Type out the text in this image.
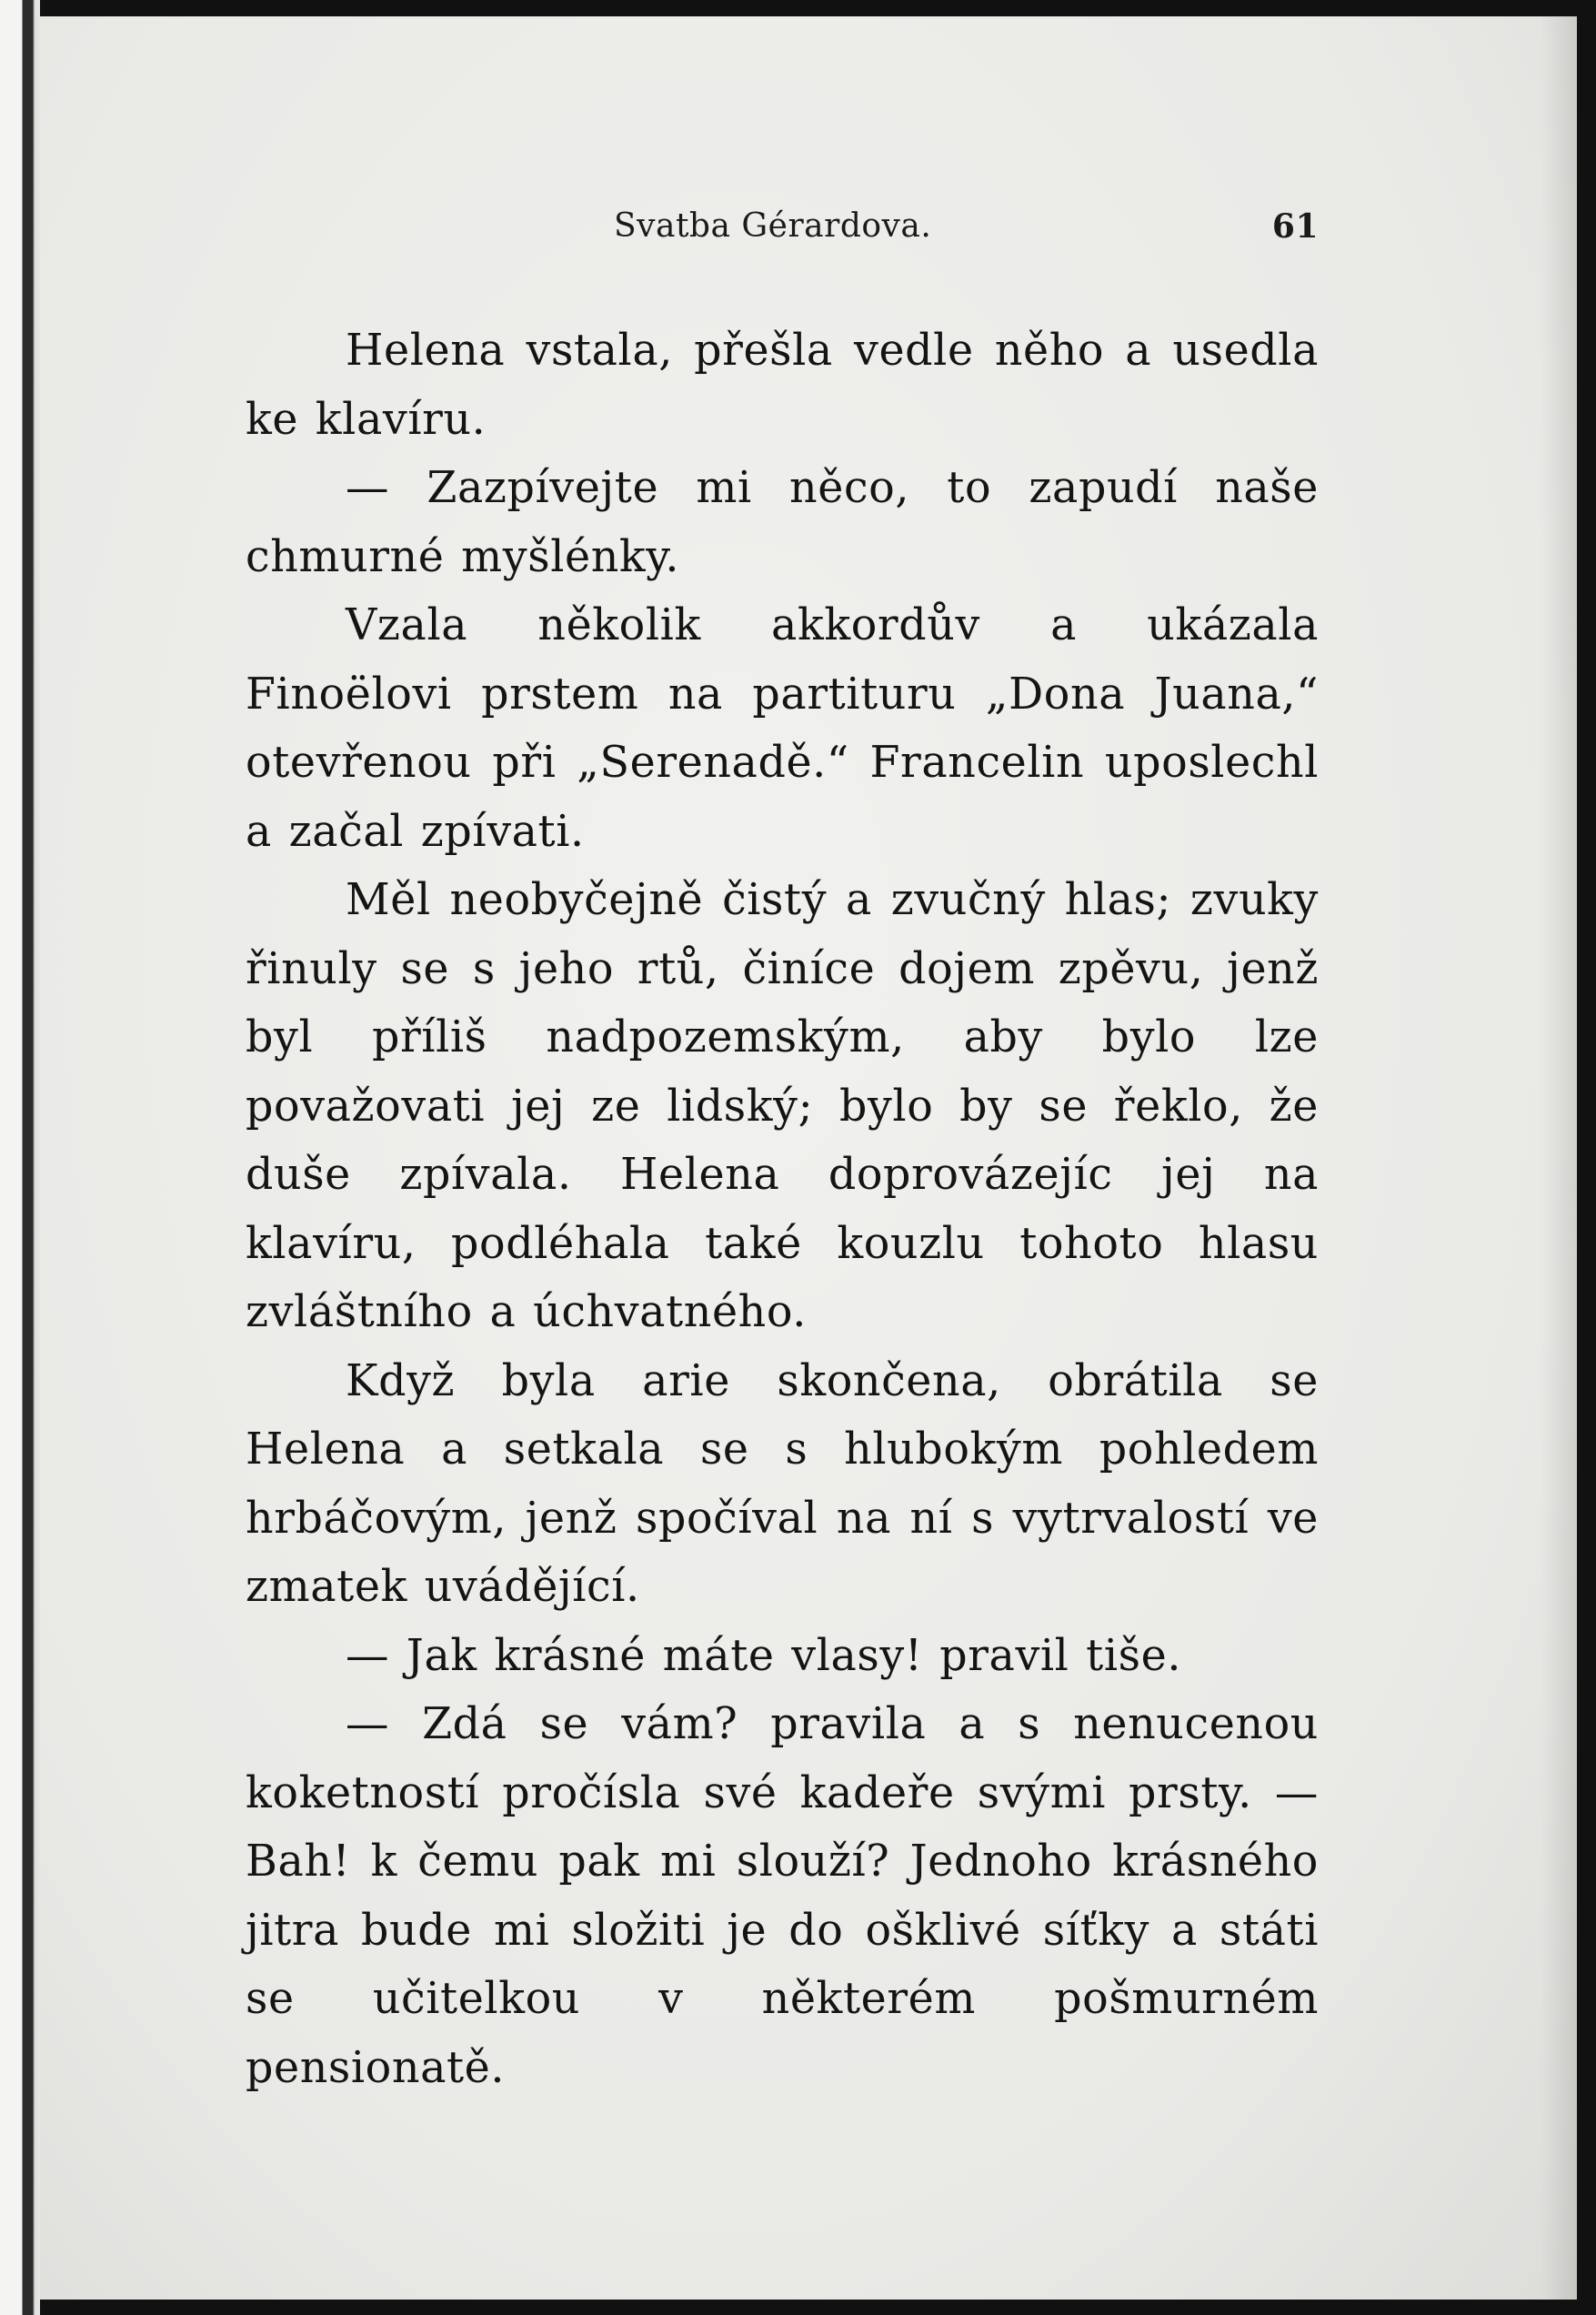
Svatba Gérardova.	61

Helena vstala, přešla vedle něho a usedla ke klavíru.

— Zazpívejte mi něco, to zapudí naše chmurné myšlénky.

Vzala několik akkordův a ukázala Finoëlovi prstem na partituru „Dona Juana,“ otevřenou při „Serenadě.“ Francelin uposlechl a začal zpívati.

Měl neobyčejně čistý a zvučný hlas; zvuky řinuly se s jeho rtů, činíce dojem zpěvu, jenž byl příliš nadpozemským, aby bylo lze považovati jej ze lidský; bylo by se řeklo, že duše zpívala. Helena doprovázejíc jej na klavíru, podléhala také kouzlu tohoto hlasu zvláštního a úchvatného.

Když byla arie skončena, obrátila se Helena a setkala se s hlubokým pohledem hrbáčovým, jenž spočíval na ní s vytrvalostí ve zmatek uvádějící.

— Jak krásné máte vlasy! pravil tiše.

— Zdá se vám? pravila a s nenucenou koketností pročísla své kadeře svými prsty. — Bah! k čemu pak mi slouží? Jednoho krásného jitra bude mi složiti je do ošklivé síťky a státi se učitelkou v některém pošmurném pensionatě.
